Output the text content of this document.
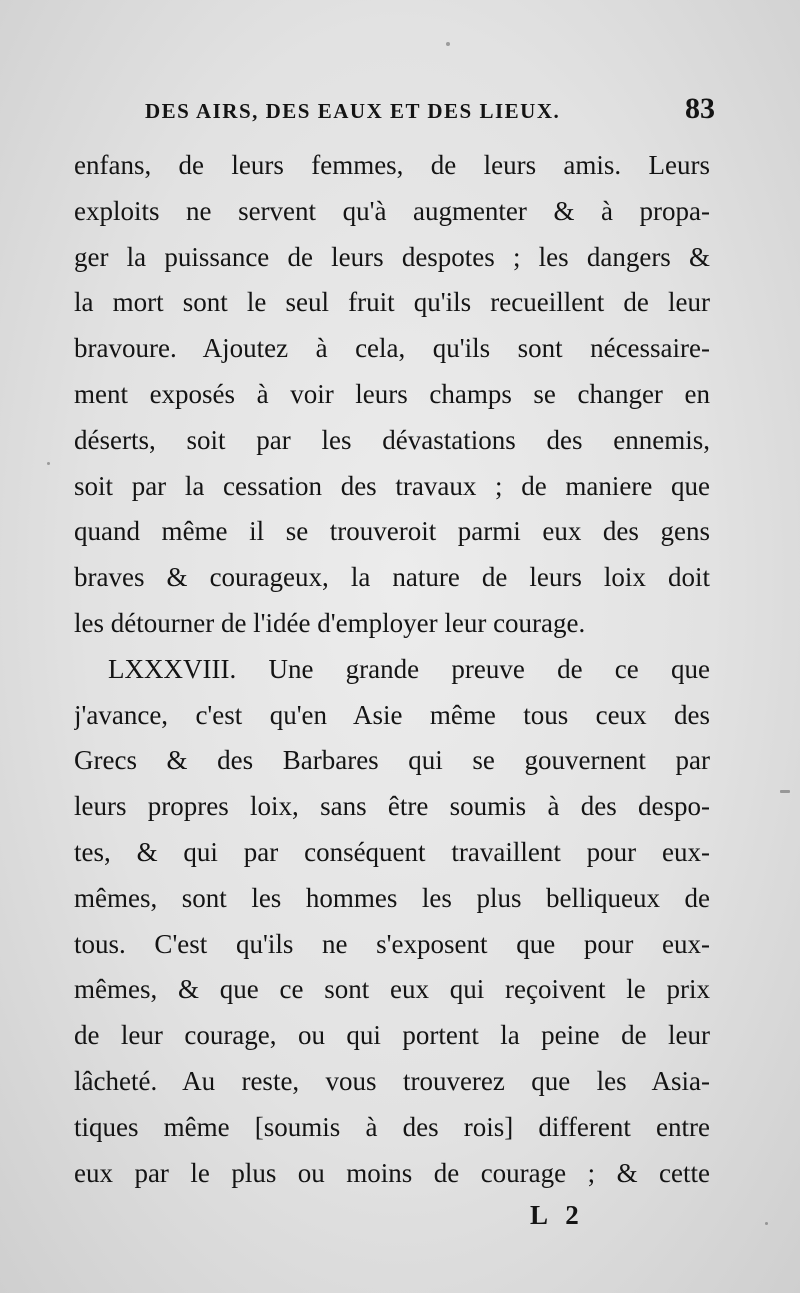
DES AIRS, DES EAUX ET DES LIEUX.	83
enfans, de leurs femmes, de leurs amis. Leurs
exploits ne servent qu'à augmenter & à propa-
ger la puissance de leurs despotes ; les dangers &
la mort sont le seul fruit qu'ils recueillent de leur
bravoure. Ajoutez à cela, qu'ils sont nécessaire-
ment exposés à voir leurs champs se changer en
déserts, soit par les dévastations des ennemis,
soit par la cessation des travaux ; de maniere que
quand même il se trouveroit parmi eux des gens
braves & courageux, la nature de leurs loix doit
les détourner de l'idée d'employer leur courage.
LXXXVIII. Une grande preuve de ce que
j'avance, c'est qu'en Asie même tous ceux des
Grecs & des Barbares qui se gouvernent par
leurs propres loix, sans être soumis à des despo-
tes, & qui par conséquent travaillent pour eux-
mêmes, sont les hommes les plus belliqueux de
tous. C'est qu'ils ne s'exposent que pour eux-
mêmes, & que ce sont eux qui reçoivent le prix
de leur courage, ou qui portent la peine de leur
lâcheté. Au reste, vous trouverez que les Asia-
tiques même [soumis à des rois] different entre
eux par le plus ou moins de courage ; & cette
L 2
